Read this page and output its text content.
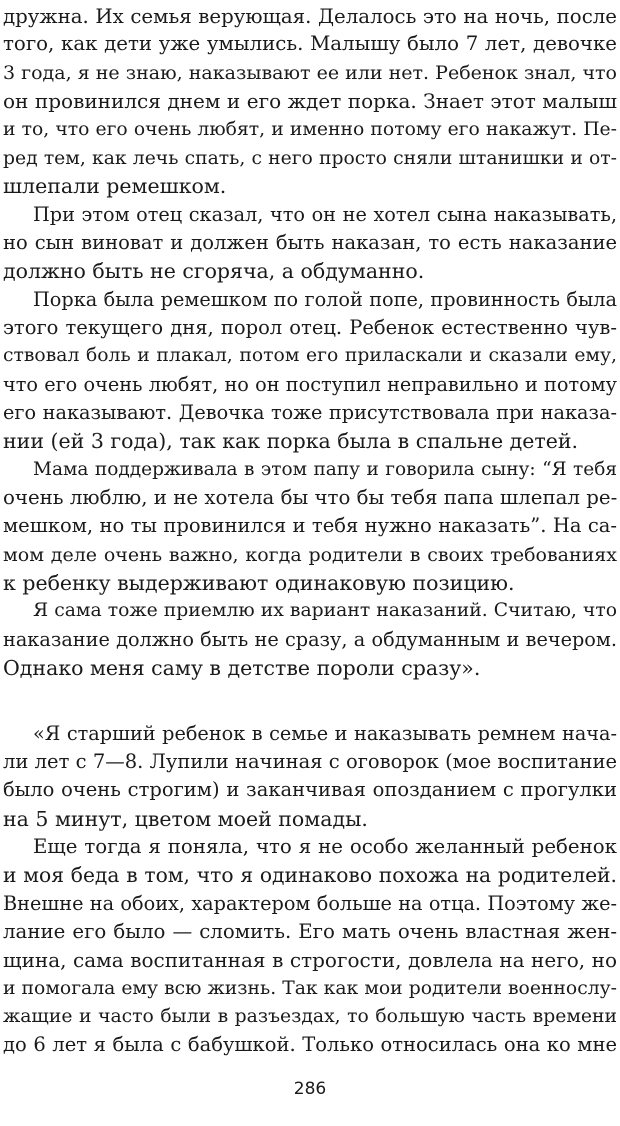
дружна. Их семья верующая. Делалось это на ночь, после
того, как дети уже умылись. Малышу было 7 лет, девочке
3 года, я не знаю, наказывают ее или нет. Ребенок знал, что
он провинился днем и его ждет порка. Знает этот малыш
и то, что его очень любят, и именно потому его накажут. Пе-
ред тем, как лечь спать, с него просто сняли штанишки и от-
шлепали ремешком.
При этом отец сказал, что он не хотел сына наказывать,
но сын виноват и должен быть наказан, то есть наказание
должно быть не сгоряча, а обдуманно.
Порка была ремешком по голой попе, провинность была
этого текущего дня, порол отец. Ребенок естественно чув-
ствовал боль и плакал, потом его приласкали и сказали ему,
что его очень любят, но он поступил неправильно и потому
его наказывают. Девочка тоже присутствовала при наказа-
нии (ей 3 года), так как порка была в спальне детей.
Мама поддерживала в этом папу и говорила сыну: “Я тебя
очень люблю, и не хотела бы что бы тебя папа шлепал ре-
мешком, но ты провинился и тебя нужно наказать”. На са-
мом деле очень важно, когда родители в своих требованиях
к ребенку выдерживают одинаковую позицию.
Я сама тоже приемлю их вариант наказаний. Считаю, что
наказание должно быть не сразу, а обдуманным и вечером.
Однако меня саму в детстве пороли сразу».
«Я старший ребенок в семье и наказывать ремнем нача-
ли лет с 7—8. Лупили начиная с оговорок (мое воспитание
было очень строгим) и заканчивая опозданием с прогулки
на 5 минут, цветом моей помады.
Еще тогда я поняла, что я не особо желанный ребенок
и моя беда в том, что я одинаково похожа на родителей.
Внешне на обоих, характером больше на отца. Поэтому же-
лание его было — сломить. Его мать очень властная жен-
щина, сама воспитанная в строгости, довлела на него, но
и помогала ему всю жизнь. Так как мои родители военнослу-
жащие и часто были в разъездах, то большую часть времени
до 6 лет я была с бабушкой. Только относилась она ко мне
286
